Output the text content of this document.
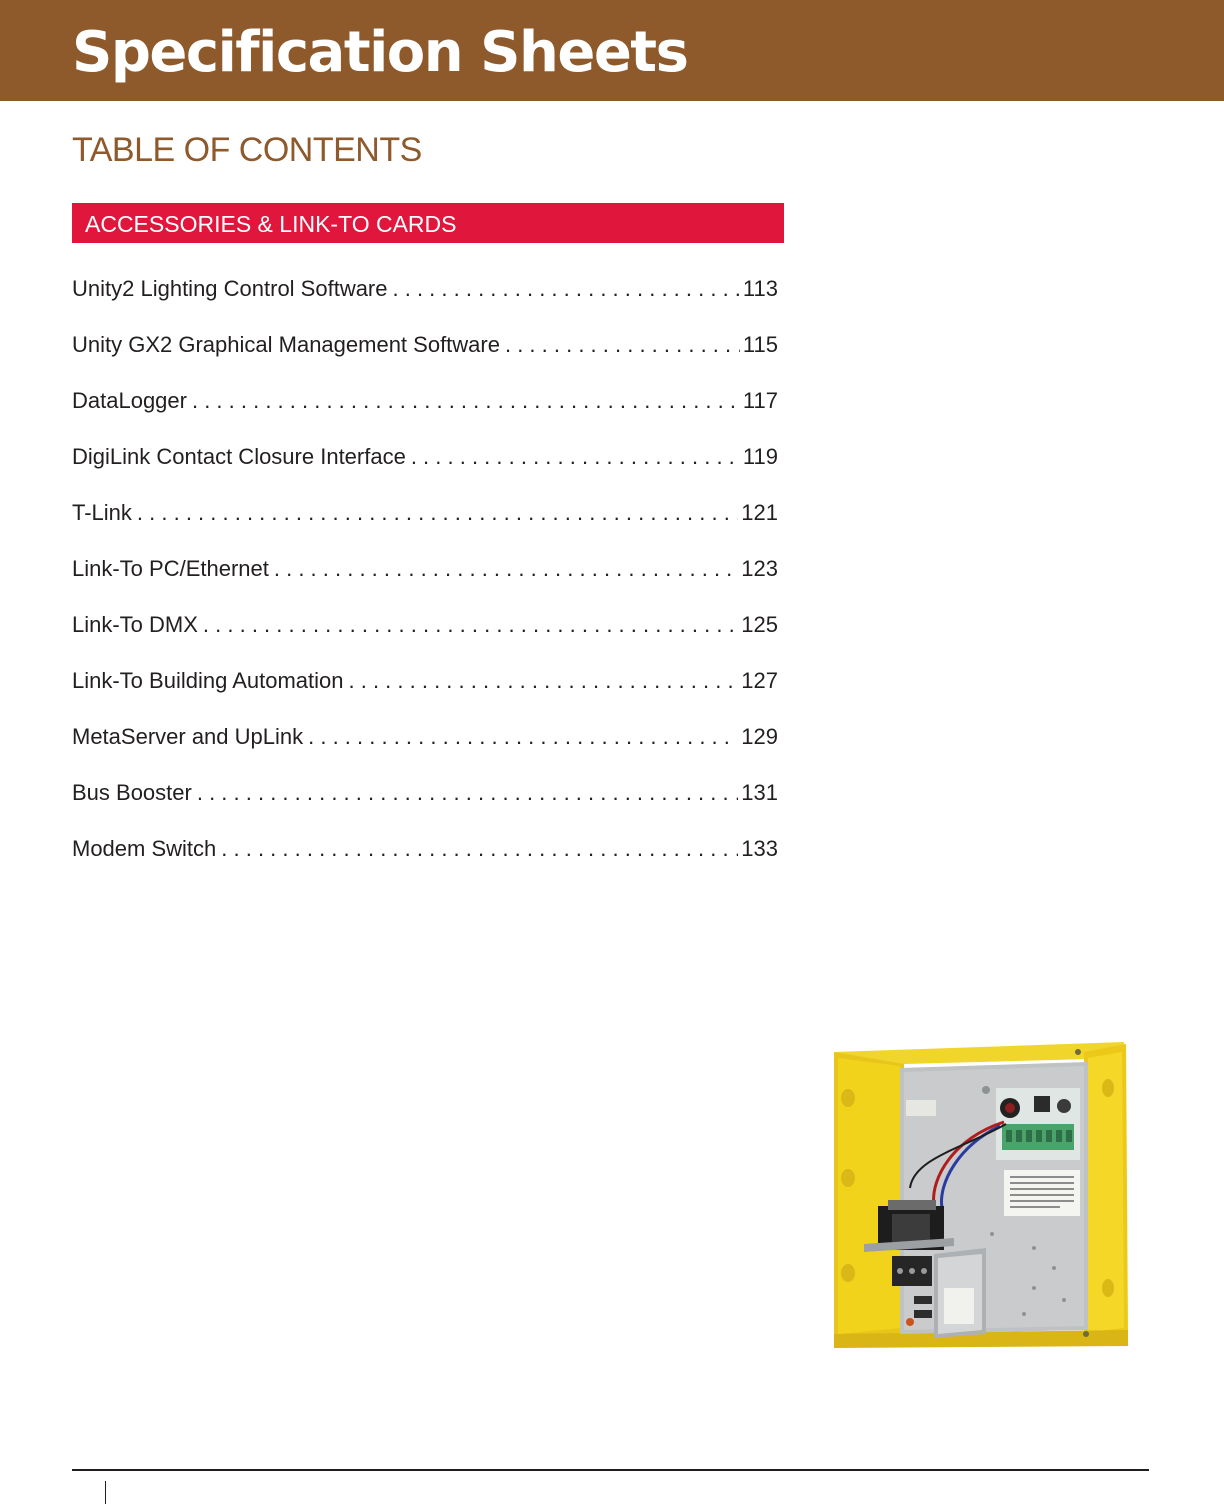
Specification Sheets
TABLE OF CONTENTS
ACCESSORIES & LINK-TO CARDS
Unity2 Lighting Control Software . . .	113
Unity GX2 Graphical Management Software . . .	115
DataLogger . . .	117
DigiLink Contact Closure Interface . . .	119
T-Link . . .	121
Link-To PC/Ethernet . . .	123
Link-To DMX . . .	125
Link-To Building Automation . . .	127
MetaServer and UpLink . . .	129
Bus Booster . . .	131
Modem Switch . . .	133
